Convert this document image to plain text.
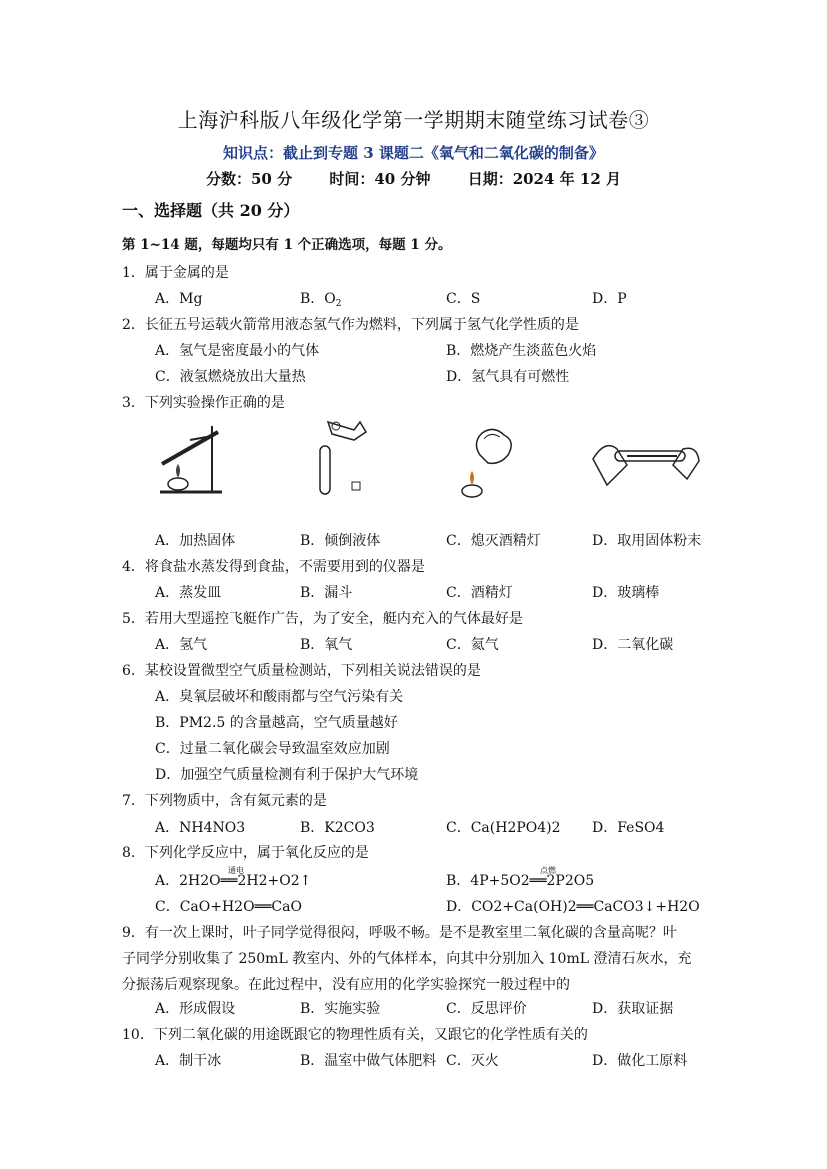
上海沪科版八年级化学第一学期期末随堂练习试卷③
知识点：截止到专题 3 课题二《氧气和二氧化碳的制备》
分数：50 分 时间：40 分钟 日期：2024 年 12 月
一、选择题（共 20 分）
第 1~14 题，每题均只有 1 个正确选项，每题 1 分。
1．属于金属的是
A．Mg	B．$O_2$	C．S	D．P
2．长征五号运载火箭常用液态氢气作为燃料，下列属于氢气化学性质的是
A．氢气是密度最小的气体	B．燃烧产生淡蓝色火焰
C．液氢燃烧放出大量热	D．氢气具有可燃性
3．下列实验操作正确的是
A．加热固体	B．倾倒液体	C．熄灭酒精灯	D．取用固体粉末
4．将食盐水蒸发得到食盐，不需要用到的仪器是
A．蒸发皿	B．漏斗	C．酒精灯	D．玻璃棒
5．若用大型遥控飞艇作广告，为了安全，艇内充入的气体最好是
A．氢气	B．氧气	C．氦气	D．二氧化碳
6．某校设置微型空气质量检测站，下列相关说法错误的是
A．臭氧层破坏和酸雨都与空气污染有关
B．PM2.5 的含量越高，空气质量越好
C．过量二氧化碳会导致温室效应加剧
D．加强空气质量检测有利于保护大气环境
7．下列物质中，含有氮元素的是
A．NH4NO3	B．K2CO3	C．Ca(H2PO4)2 D．FeSO4
8．下列化学反应中，属于氧化反应的是
通电	点燃
A．2H2O══2H2+O2↑	B．4P+5O2══2P2O5
C．CaO+H2O══CaO	D．CO2+Ca(OH)2══CaCO3↓+H2O
9．有一次上课时，叶子同学觉得很闷，呼吸不畅。是不是教室里二氧化碳的含量高呢？叶
子同学分别收集了 250mL 教室内、外的气体样本，向其中分别加入 10mL 澄清石灰水，充
分振荡后观察现象。在此过程中，没有应用的化学实验探究一般过程中的
A．形成假设	B．实施实验	C．反思评价	D．获取证据
10．下列二氧化碳的用途既跟它的物理性质有关，又跟它的化学性质有关的
A．制干冰	B．温室中做气体肥料 C．灭火	D．做化工原料
